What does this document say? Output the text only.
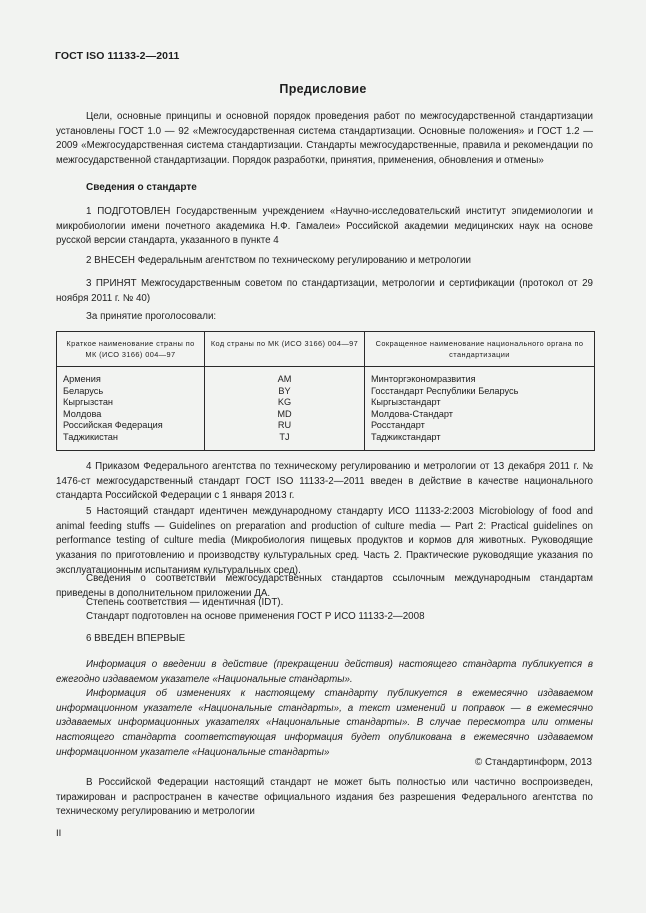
ГОСТ ISO 11133-2—2011
Предисловие
Цели, основные принципы и основной порядок проведения работ по межгосударственной стандартизации установлены ГОСТ 1.0 — 92 «Межгосударственная система стандартизации. Основные положения» и ГОСТ 1.2 — 2009 «Межгосударственная система стандартизации. Стандарты межгосударственные, правила и рекомендации по межгосударственной стандартизации. Порядок разработки, принятия, применения, обновления и отмены»
Сведения о стандарте
1 ПОДГОТОВЛЕН Государственным учреждением «Научно-исследовательский институт эпидемиологии и микробиологии имени почетного академика Н.Ф. Гамалеи» Российской академии медицинских наук на основе русской версии стандарта, указанного в пункте 4
2 ВНЕСЕН Федеральным агентством по техническому регулированию и метрологии
3 ПРИНЯТ Межгосударственным советом по стандартизации, метрологии и сертификации (протокол от 29 ноября 2011 г. № 40)
За принятие проголосовали:
Краткое наименование страны по МК (ИСО 3166) 004—97	Код страны по МК (ИСО 3166) 004—97	Сокращенное наименование национального органа по стандартизации
Армения	AM	Минторгэкономразвития
Беларусь	BY	Госстандарт Республики Беларусь
Кыргызстан	KG	Кыргызстандарт
Молдова	MD	Молдова-Стандарт
Российская Федерация	RU	Росстандарт
Таджикистан	TJ	Таджикстандарт
4 Приказом Федерального агентства по техническому регулированию и метрологии от 13 декабря 2011 г. № 1476-ст межгосударственный стандарт ГОСТ ISO 11133-2—2011 введен в действие в качестве национального стандарта Российской Федерации с 1 января 2013 г.
5 Настоящий стандарт идентичен международному стандарту ИСО 11133-2:2003 Microbiology of food and animal feeding stuffs — Guidelines on preparation and production of culture media — Part 2: Practical guidelines on performance testing of culture media (Микробиология пищевых продуктов и кормов для животных. Руководящие указания по приготовлению и производству культуральных сред. Часть 2. Практические руководящие указания по эксплуатационным испытаниям культуральных сред).
Сведения о соответствии межгосударственных стандартов ссылочным международным стандартам приведены в дополнительном приложении ДА.
Степень соответствия — идентичная (IDT).
Стандарт подготовлен на основе применения ГОСТ Р ИСО 11133-2—2008
6 ВВЕДЕН ВПЕРВЫЕ
Информация о введении в действие (прекращении действия) настоящего стандарта публикуется в ежегодно издаваемом указателе «Национальные стандарты».
Информация об изменениях к настоящему стандарту публикуется в ежемесячно издаваемом информационном указателе «Национальные стандарты», а текст изменений и поправок — в ежемесячно издаваемых информационных указателях «Национальные стандарты». В случае пересмотра или отмены настоящего стандарта соответствующая информация будет опубликована в ежемесячно издаваемом информационном указателе «Национальные стандарты»
© Стандартинформ, 2013
В Российской Федерации настоящий стандарт не может быть полностью или частично воспроизведен, тиражирован и распространен в качестве официального издания без разрешения Федерального агентства по техническому регулированию и метрологии
II
